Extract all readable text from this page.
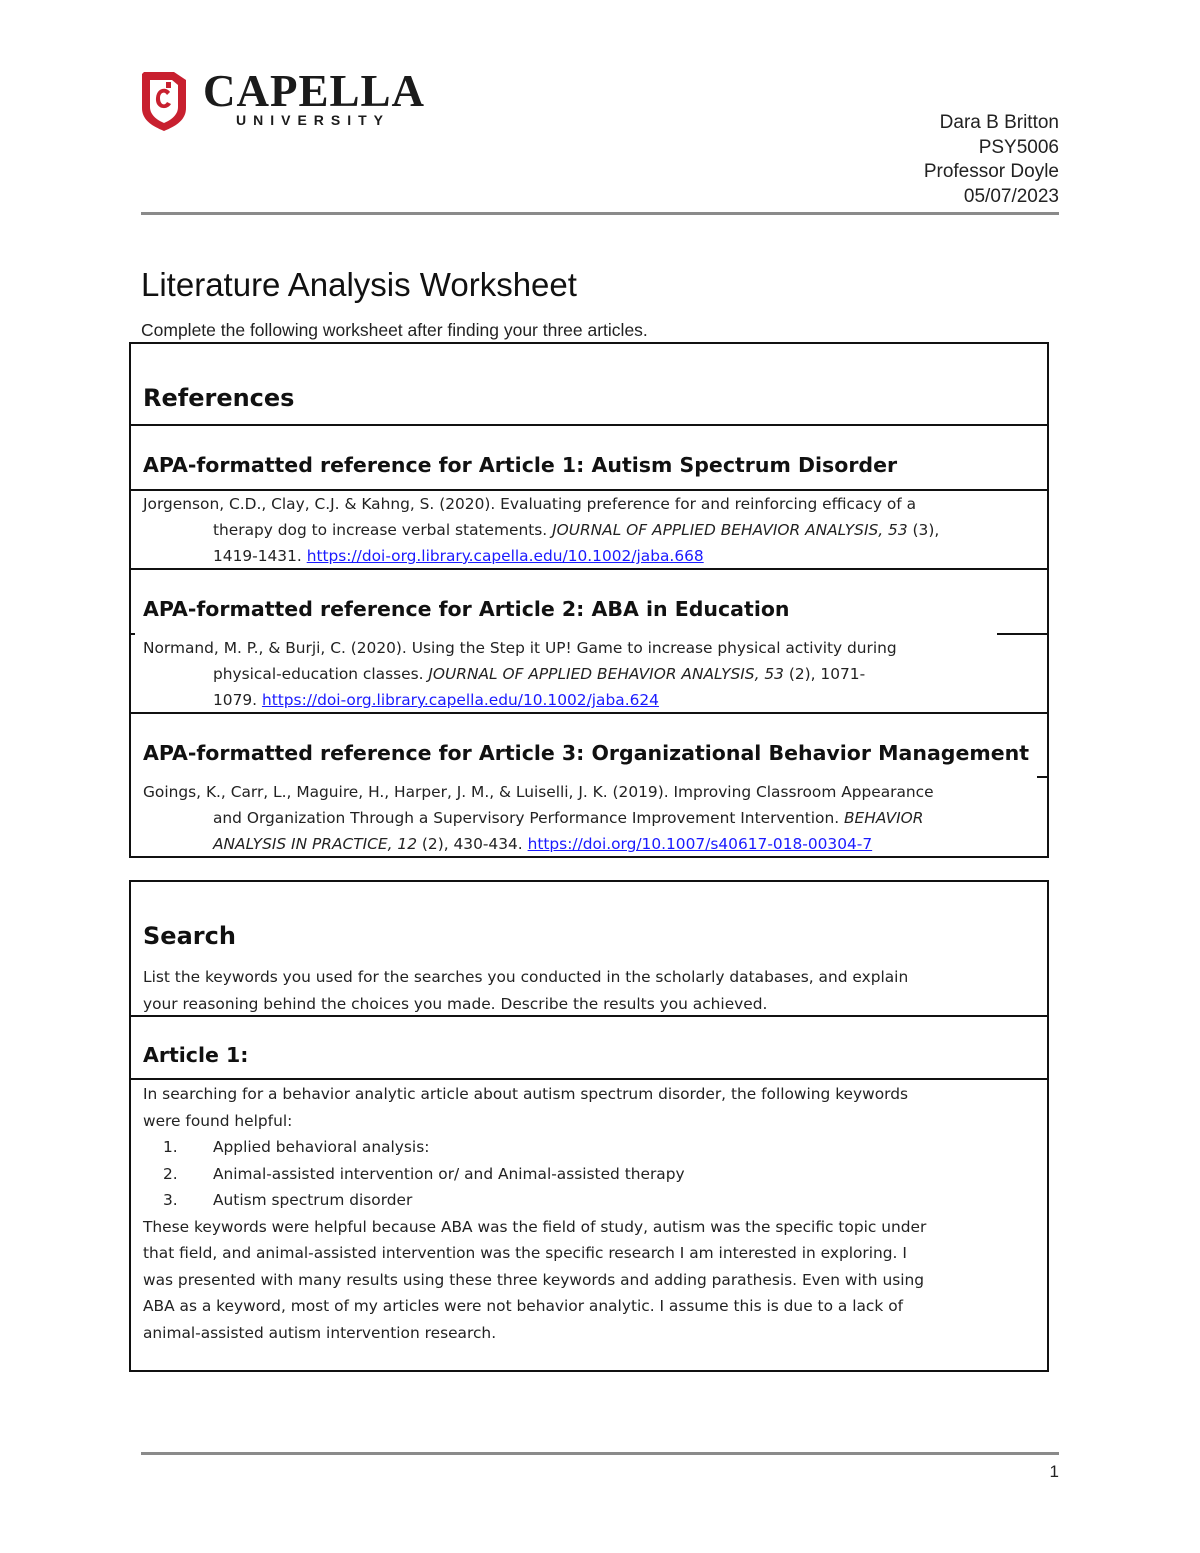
CAPELLA
UNIVERSITY	Dara B Britton
PSY5006
Professor Doyle
05/07/2023
Literature Analysis Worksheet
Complete the following worksheet after finding your three articles.
References
APA-formatted reference for Article 1: Autism Spectrum Disorder
Jorgenson, C.D., Clay, C.J. & Kahng, S. (2020). Evaluating preference for and reinforcing efficacy of a
therapy dog to increase verbal statements. JOURNAL OF APPLIED BEHAVIOR ANALYSIS, 53 (3),
1419-1431. https://doi-org.library.capella.edu/10.1002/jaba.668
APA-formatted reference for Article 2: ABA in Education
Normand, M. P., & Burji, C. (2020). Using the Step it UP! Game to increase physical activity during
physical-education classes. JOURNAL OF APPLIED BEHAVIOR ANALYSIS, 53 (2), 1071-
1079. https://doi-org.library.capella.edu/10.1002/jaba.624
APA-formatted reference for Article 3: Organizational Behavior Management
Goings, K., Carr, L., Maguire, H., Harper, J. M., & Luiselli, J. K. (2019). Improving Classroom Appearance
and Organization Through a Supervisory Performance Improvement Intervention. BEHAVIOR
ANALYSIS IN PRACTICE, 12 (2), 430-434. https://doi.org/10.1007/s40617-018-00304-7
Search
List the keywords you used for the searches you conducted in the scholarly databases, and explain
your reasoning behind the choices you made. Describe the results you achieved.
Article 1:
In searching for a behavior analytic article about autism spectrum disorder, the following keywords
were found helpful:
1. Applied behavioral analysis:
2. Animal-assisted intervention or/ and Animal-assisted therapy
3. Autism spectrum disorder
These keywords were helpful because ABA was the field of study, autism was the specific topic under
that field, and animal-assisted intervention was the specific research I am interested in exploring. I
was presented with many results using these three keywords and adding parathesis. Even with using
ABA as a keyword, most of my articles were not behavior analytic. I assume this is due to a lack of
animal-assisted autism intervention research.
1
